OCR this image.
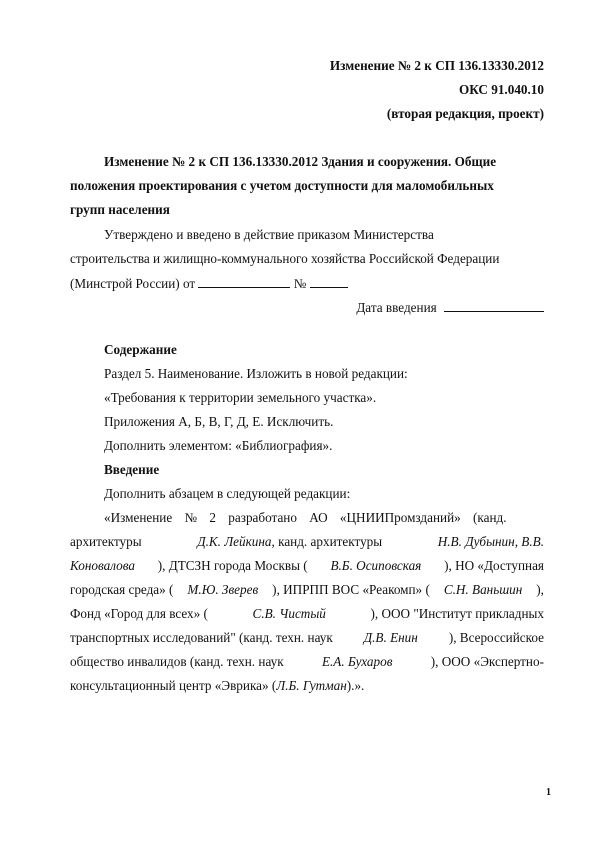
Изменение № 2 к СП 136.13330.2012
ОКС 91.040.10
(вторая редакция, проект)
Изменение № 2 к СП 136.13330.2012 Здания и сооружения. Общие
положения проектирования с учетом доступности для маломобильных
групп населения
Утверждено и введено в действие приказом Министерства
строительства и жилищно-коммунального хозяйства Российской Федерации
(Минстрой России) от	№
Дата введения
Содержание
Раздел 5. Наименование. Изложить в новой редакции:
«Требования к территории земельного участка».
Приложения А, Б, В, Г, Д, Е. Исключить.
Дополнить элементом: «Библиография».
Введение
Дополнить абзацем в следующей редакции:
«Изменение № 2 разработано АО «ЦНИИПромзданий» (канд.
архитектуры	Д.К. Лейкина, канд. архитектуры	Н.В. Дубынин, В.В.
Коновалова ), ДТСЗН города Москвы ( В.Б. Осиповская ), НО «Доступная
городская среда» ( М.Ю. Зверев ), ИПРПП ВОС «Реакомп» ( С.Н. Ваньшин ),
Фонд «Город для всех» (	С.В. Чистый	), ООО "Институт прикладных
транспортных исследований" (канд. техн. наук Д.В. Енин ), Всероссийское
общество инвалидов (канд. техн. наук	Е.А. Бухаров	), ООО «Экспертно-
консультационный центр «Эврика» (Л.Б. Гутман).».
1
